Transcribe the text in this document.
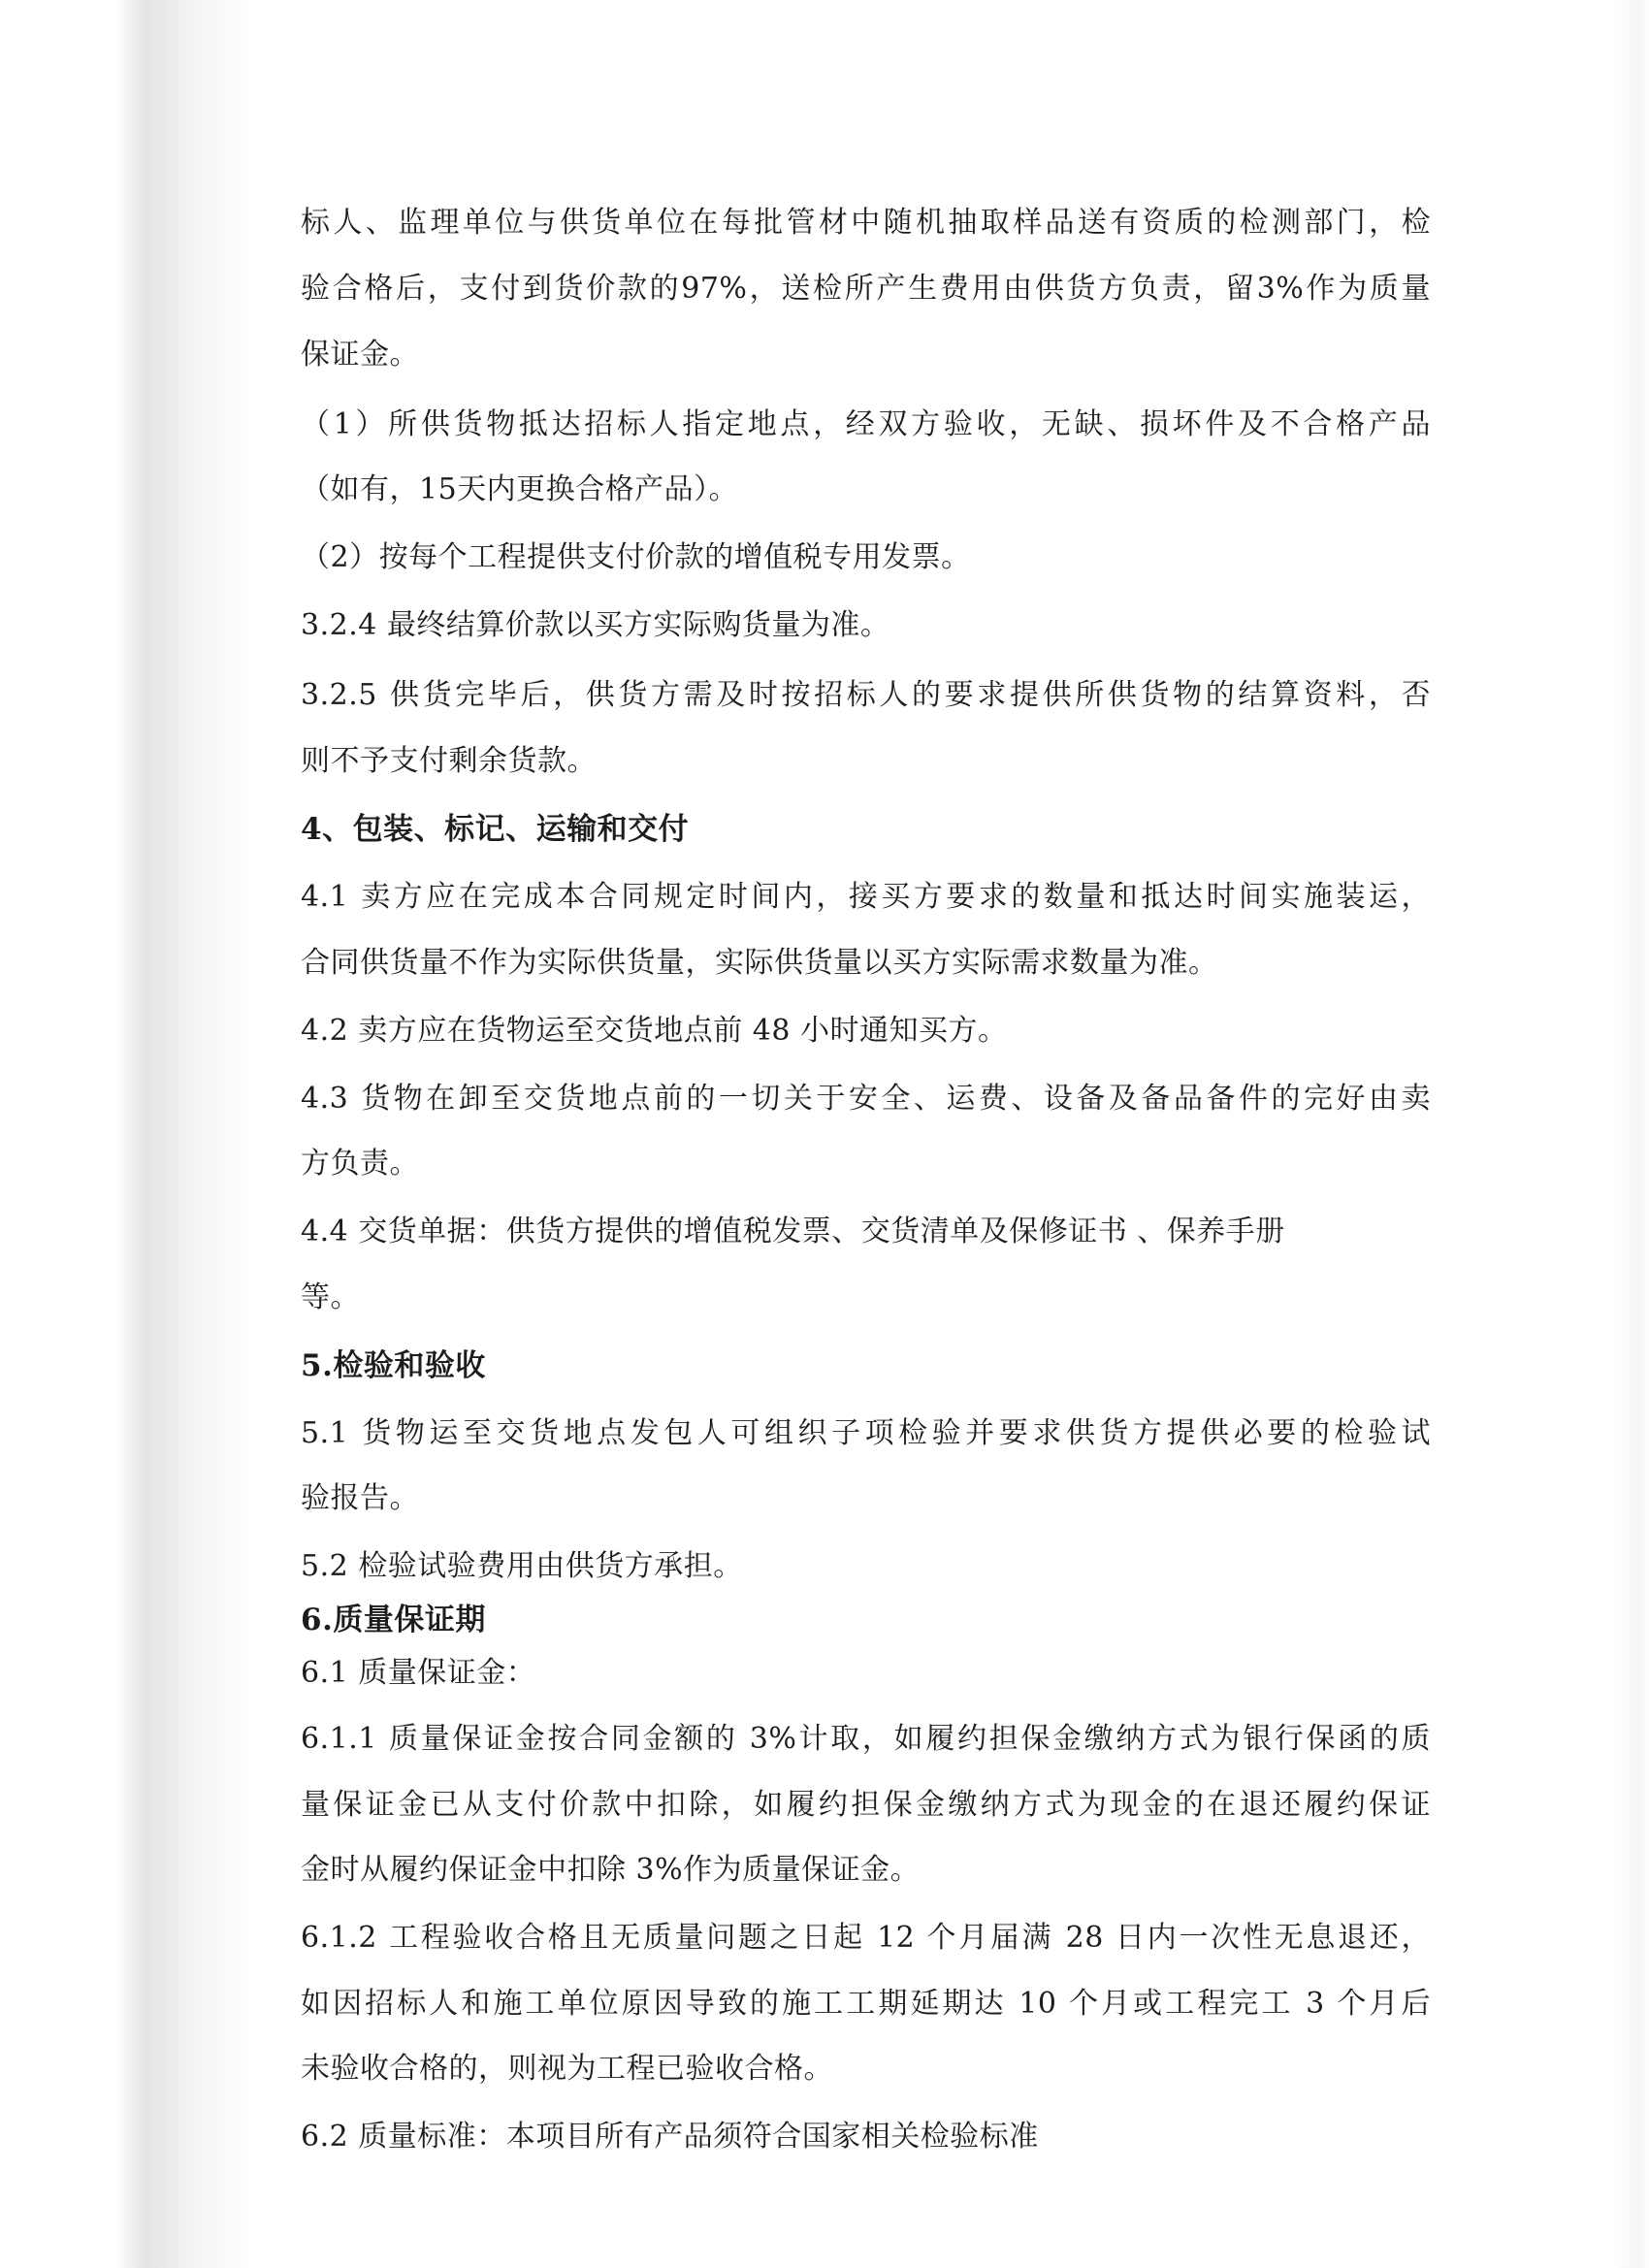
标人、监理单位与供货单位在每批管材中随机抽取样品送有资质的检测部门，检
验合格后，支付到货价款的97%，送检所产生费用由供货方负责，留3%作为质量
保证金。
（1）所供货物抵达招标人指定地点，经双方验收，无缺、损坏件及不合格产品
（如有，15天内更换合格产品）。
（2）按每个工程提供支付价款的增值税专用发票。
3.2.4 最终结算价款以买方实际购货量为准。
3.2.5 供货完毕后，供货方需及时按招标人的要求提供所供货物的结算资料，否
则不予支付剩余货款。
4、包装、标记、运输和交付
4.1 卖方应在完成本合同规定时间内，接买方要求的数量和抵达时间实施装运，
合同供货量不作为实际供货量，实际供货量以买方实际需求数量为准。
4.2 卖方应在货物运至交货地点前 48 小时通知买方。
4.3 货物在卸至交货地点前的一切关于安全、运费、设备及备品备件的完好由卖
方负责。
4.4 交货单据：供货方提供的增值税发票、交货清单及保修证书 、保养手册
等。
5.检验和验收
5.1 货物运至交货地点发包人可组织子项检验并要求供货方提供必要的检验试
验报告。
5.2 检验试验费用由供货方承担。
6.质量保证期
6.1 质量保证金：
6.1.1 质量保证金按合同金额的 3%计取，如履约担保金缴纳方式为银行保函的质
量保证金已从支付价款中扣除，如履约担保金缴纳方式为现金的在退还履约保证
金时从履约保证金中扣除 3%作为质量保证金。
6.1.2 工程验收合格且无质量问题之日起 12 个月届满 28 日内一次性无息退还，
如因招标人和施工单位原因导致的施工工期延期达 10 个月或工程完工 3 个月后
未验收合格的，则视为工程已验收合格。
6.2 质量标准：本项目所有产品须符合国家相关检验标准
